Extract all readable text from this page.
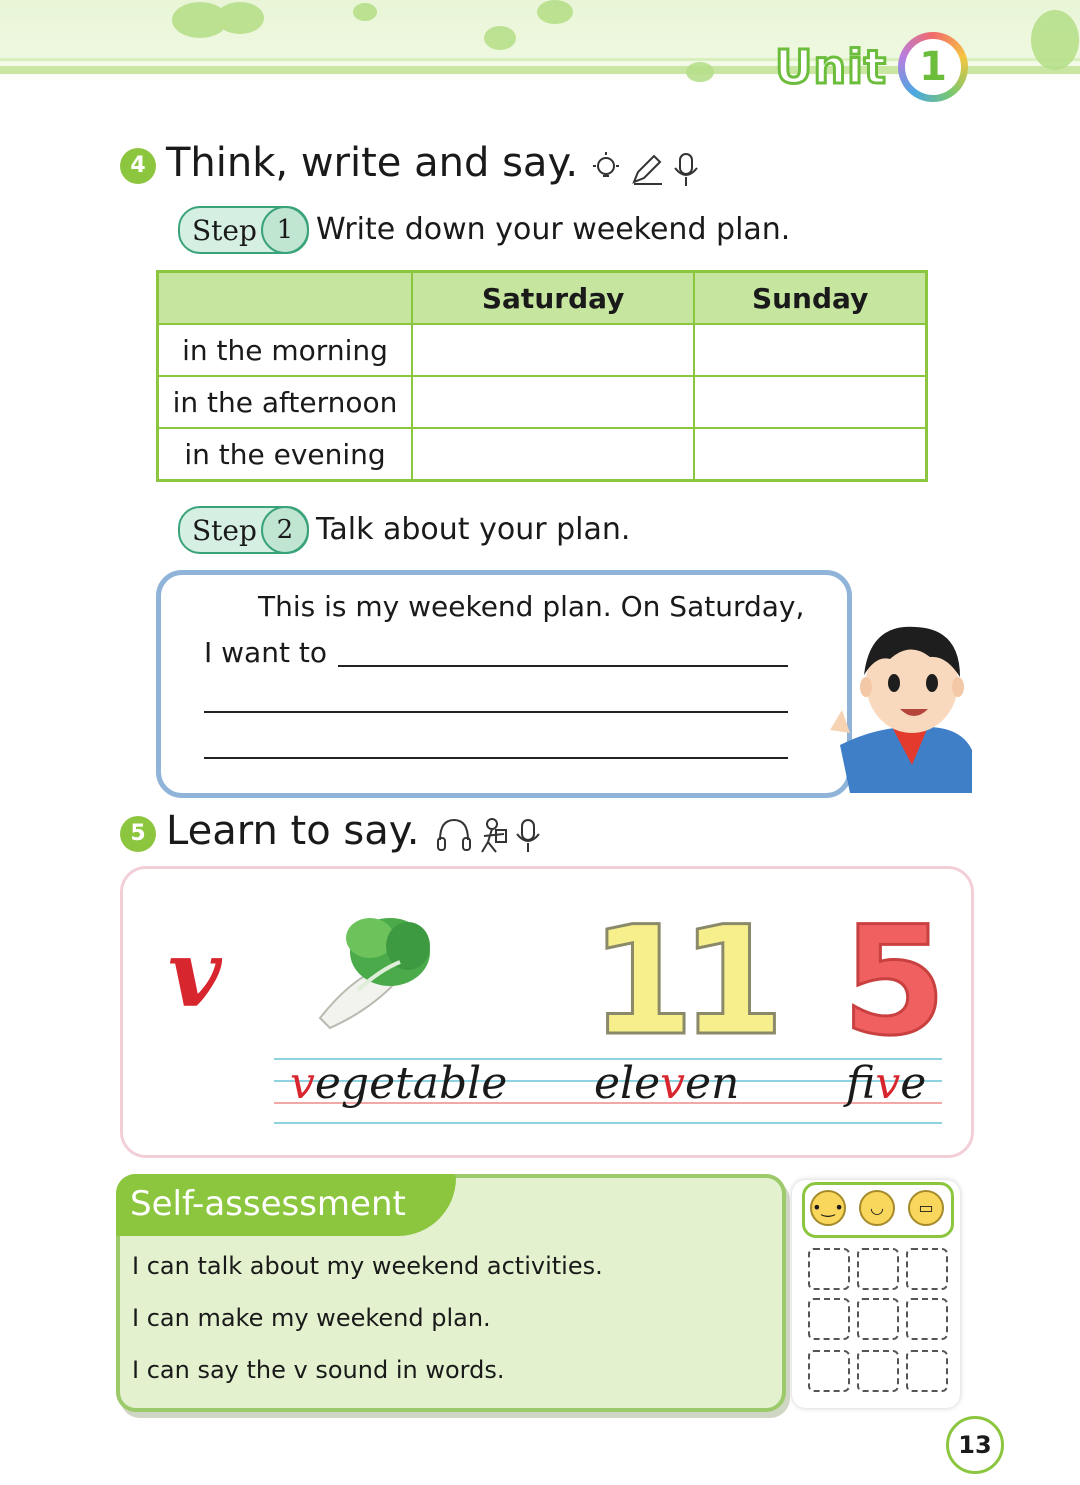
Unit 1
4 Think, write and say.
Step 1 Write down your weekend plan.
	Saturday	Sunday
in the morning		
in the afternoon		
in the evening		
Step 2 Talk about your plan.
This is my weekend plan. On Saturday,
I want to
5 Learn to say.
v 11 5
vegetable eleven five
Self-assessment
I can talk about my weekend activities.
I can make my weekend plan.
I can say the v sound in words.
•‿•	◡	▭
13
